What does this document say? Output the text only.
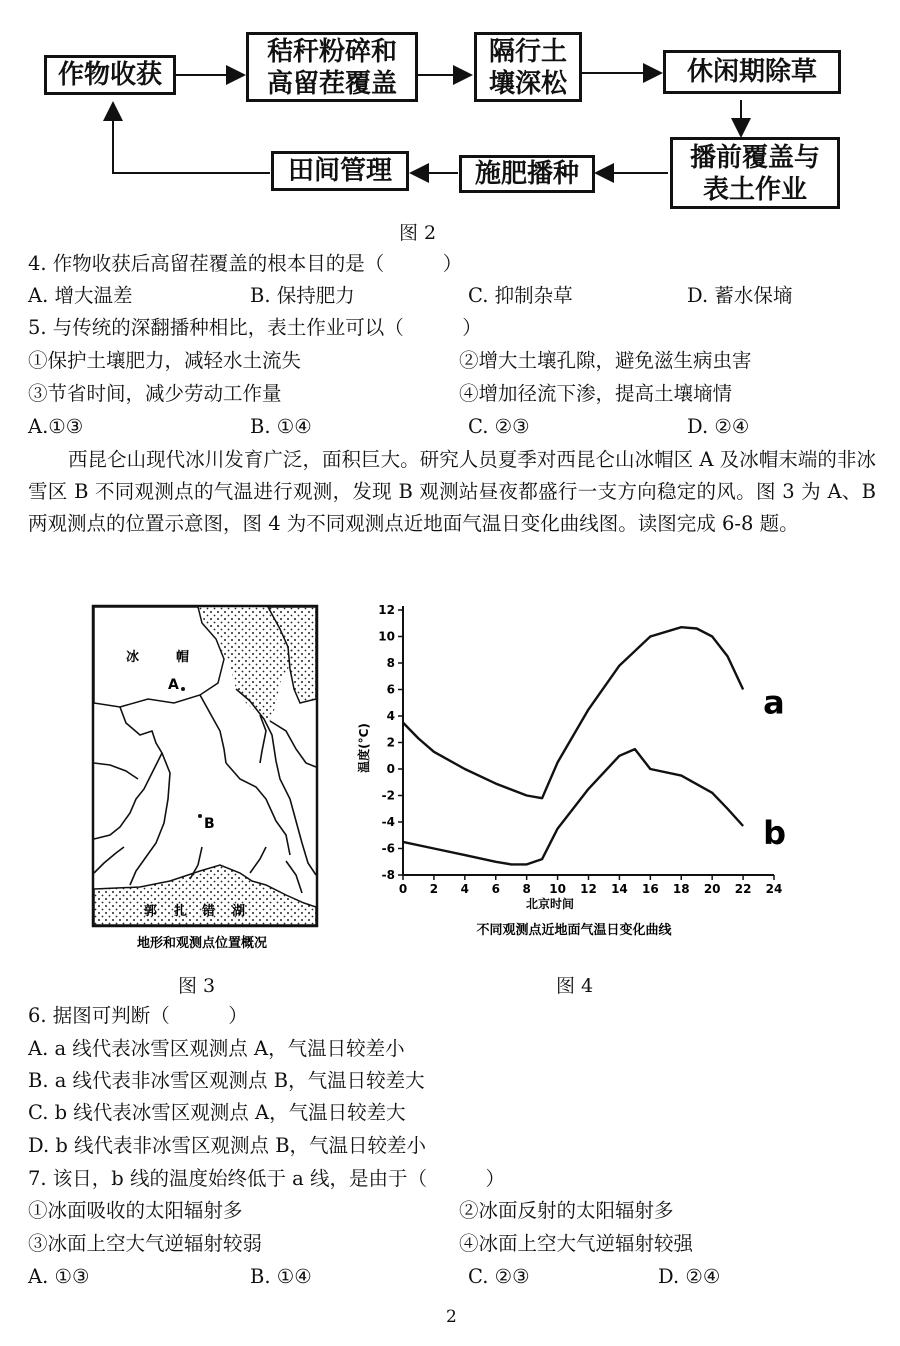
作物收获
秸秆粉碎和
高留茬覆盖
隔行土
壤深松	休闲期除草
播前覆盖与
表土作业
施肥播种
田间管理
图 2
4. 作物收获后高留茬覆盖的根本目的是（　　　）
A. 增大温差	B. 保持肥力	C. 抑制杂草	D. 蓄水保墒
5. 与传统的深翻播种相比，表土作业可以（　　　）
①保护土壤肥力，减轻水土流失	②增大土壤孔隙，避免滋生病虫害
③节省时间，减少劳动工作量	④增加径流下渗，提高土壤墒情
A.①③	B. ①④	C. ②③	D. ②④
西昆仑山现代冰川发育广泛，面积巨大。研究人员夏季对西昆仑山冰帽区 A 及冰帽末端的非冰雪区 B 不同观测点的气温进行观测，发现 B 观测站昼夜都盛行一支方向稳定的风。图 3 为 A、B 两观测点的位置示意图，图 4 为不同观测点近地面气温日变化曲线图。读图完成 6-8 题。
冰	帽
A
B
郭 扎 错 湖
地形和观测点位置概况
图 3
-8
-6
-4
-2
0
2
4
6
8
10
12
0 2 4 6 8 10 12 14 16 18 20 22 24
温度(°C)
北京时间
不同观测点近地面气温日变化曲线
a
b
图 4
6. 据图可判断（　　　）
A. a 线代表冰雪区观测点 A，气温日较差小
B. a 线代表非冰雪区观测点 B，气温日较差大
C. b 线代表冰雪区观测点 A，气温日较差大
D. b 线代表非冰雪区观测点 B，气温日较差小
7. 该日，b 线的温度始终低于 a 线，是由于（　　　）
①冰面吸收的太阳辐射多	②冰面反射的太阳辐射多
③冰面上空大气逆辐射较弱	④冰面上空大气逆辐射较强
A. ①③	B. ①④	C. ②③	D. ②④
2
